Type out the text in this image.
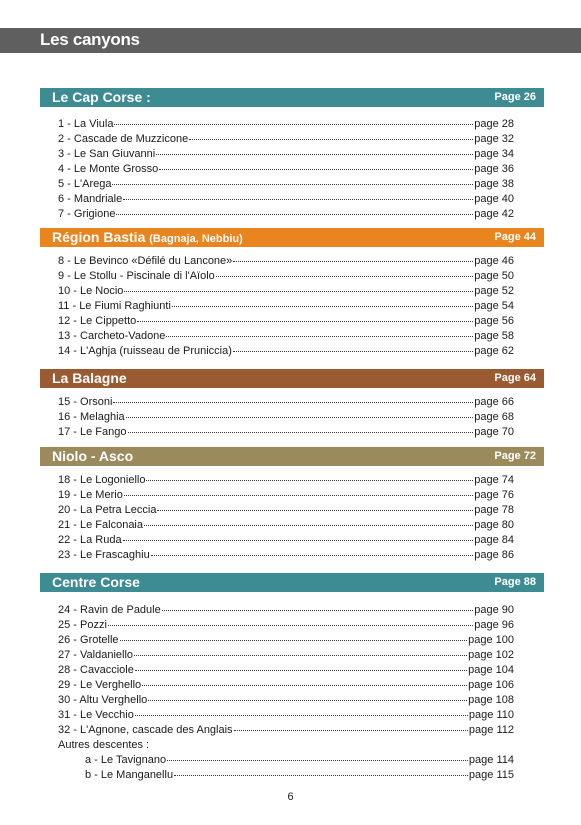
Les canyons
Le Cap Corse :	Page 26
1 - La Viula	page 28
2 - Cascade de Muzzicone	page 32
3 - Le San Giuvanni	page 34
4 - Le Monte Grosso	page 36
5 - L'Arega	page 38
6 - Mandriale	page 40
7 - Grigione	page 42
Région Bastia (Bagnaja, Nebbiu)	Page 44
8 - Le Bevinco «Défilé du Lancone»	page 46
9 - Le Stollu - Piscinale di l'Aïolo	page 50
10 - Le Nocio	page 52
11 - Le Fiumi Raghiunti	page 54
12 - Le Cippetto	page 56
13 - Carcheto-Vadone	page 58
14 - L'Aghja (ruisseau de Pruniccia)	page 62
La Balagne	Page 64
15 - Orsoni	page 66
16 - Melaghia	page 68
17 - Le Fango	page 70
Niolo - Asco	Page 72
18 - Le Logoniello	page 74
19 - Le Merio	page 76
20 - La Petra Leccia	page 78
21 - Le Falconaia	page 80
22 - La Ruda	page 84
23 - Le Frascaghiu	page 86
Centre Corse	Page 88
24 - Ravin de Padule	page 90
25 - Pozzi	page 96
26 - Grotelle	page 100
27 - Valdaniello	page 102
28 - Cavacciole	page 104
29 - Le Verghello	page 106
30 - Altu Verghello	page 108
31 - Le Vecchio	page 110
32 - L'Agnone, cascade des Anglais	page 112
Autres descentes :
a - Le Tavignano	page 114
b - Le Manganellu	page 115
6
